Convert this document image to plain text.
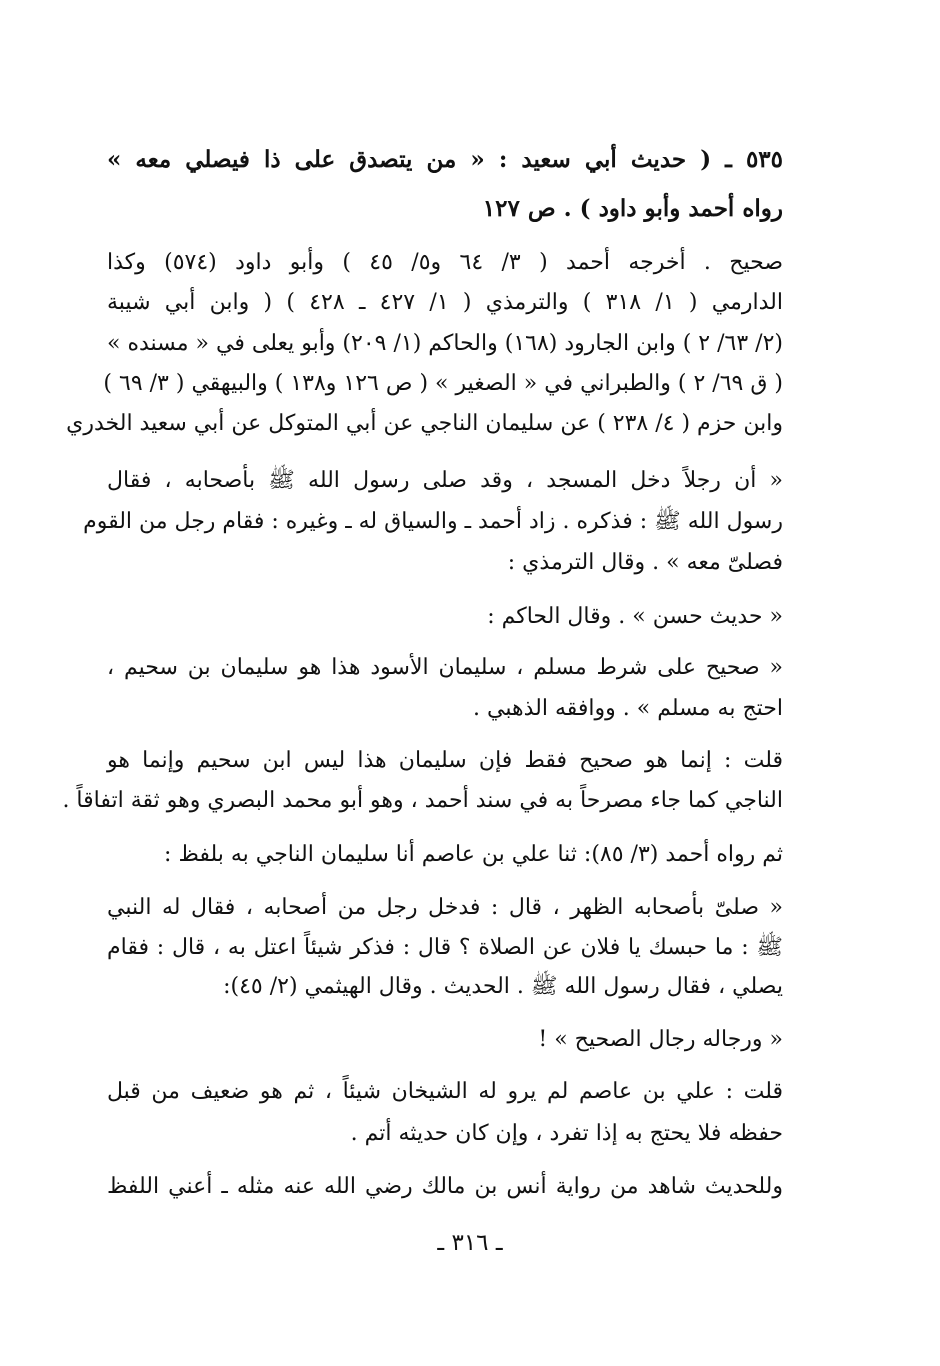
٥٣٥ ـ ( حديث أبي سعيد : « من يتصدق على ذا فيصلي معه »
رواه أحمد وأبو داود ) . ص ١٢٧
صحيح . أخرجه أحمد ( ٣/ ٦٤ و٥/ ٤٥ ) وأبو داود (٥٧٤) وكذا
الدارمي ( ١/ ٣١٨ ) والترمذي ( ١/ ٤٢٧ ـ ٤٢٨ ) ( وابن أبي شيبة
(٢/ ٦٣/ ٢ ) وابن الجارود (١٦٨) والحاكم (١/ ٢٠٩) وأبو يعلى في « مسنده »
( ق ٦٩/ ٢ ) والطبراني في « الصغير » ( ص ١٢٦ و١٣٨ ) والبيهقي ( ٣/ ٦٩ )
وابن حزم ( ٤/ ٢٣٨ ) عن سليمان الناجي عن أبي المتوكل عن أبي سعيد الخدري
« أن رجلاً دخل المسجد ، وقد صلى رسول الله ﷺ بأصحابه ، فقال
رسول الله ﷺ : فذكره . زاد أحمد ـ والسياق له ـ وغيره : فقام رجل من القوم
فصلىّ معه » . وقال الترمذي :
« حديث حسن » . وقال الحاكم :
« صحيح على شرط مسلم ، سليمان الأسود هذا هو سليمان بن سحيم ،
احتج به مسلم » . ووافقه الذهبي .
قلت : إنما هو صحيح فقط فإن سليمان هذا ليس ابن سحيم وإنما هو
الناجي كما جاء مصرحاً به في سند أحمد ، وهو أبو محمد البصري وهو ثقة اتفاقاً .
ثم رواه أحمد (٣/ ٨٥): ثنا علي بن عاصم أنا سليمان الناجي به بلفظ :
« صلىّ بأصحابه الظهر ، قال : فدخل رجل من أصحابه ، فقال له النبي
ﷺ : ما حبسك يا فلان عن الصلاة ؟ قال : فذكر شيئاً اعتل به ، قال : فقام
يصلي ، فقال رسول الله ﷺ . الحديث . وقال الهيثمي (٢/ ٤٥):
« ورجاله رجال الصحيح » !
قلت : علي بن عاصم لم يرو له الشيخان شيئاً ، ثم هو ضعيف من قبل
حفظه فلا يحتج به إذا تفرد ، وإن كان حديثه أتم .
وللحديث شاهد من رواية أنس بن مالك رضي الله عنه مثله ـ أعني اللفظ
ـ ٣١٦ ـ
